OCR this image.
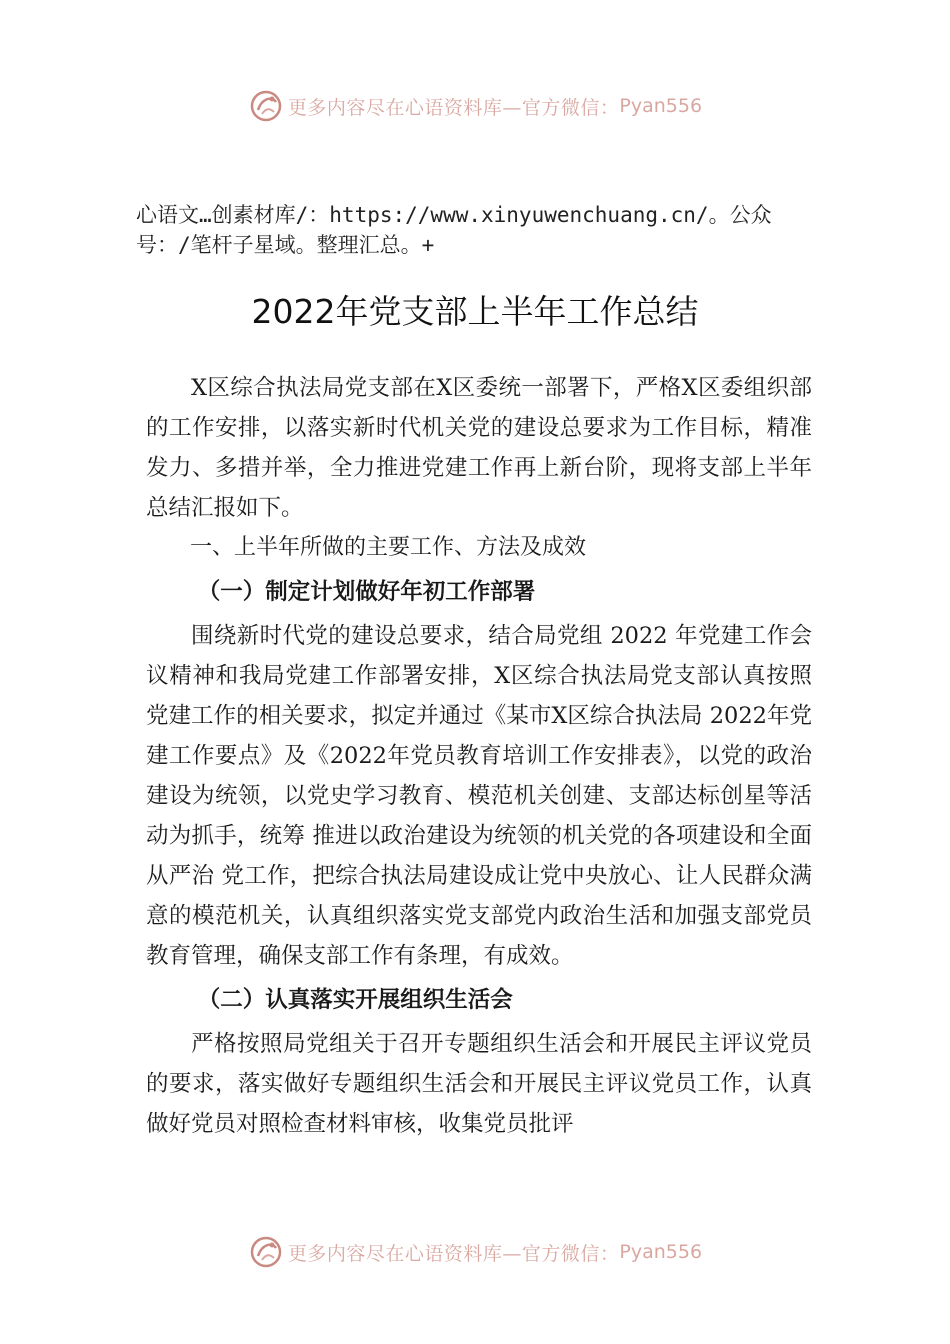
更多内容尽在心语资料库—官方微信： Pyan556
心语文…创素材库/：https://www.xinyuwenchuang.cn/。公众号：/笔杆子星域。整理汇总。+
2022年党支部上半年工作总结

X区综合执法局党支部在X区委统一部署下，严格X区委组织部的工作安排，以落实新时代机关党的建设总要求为工作目标，精准发力、多措并举，全力推进党建工作再上新台阶，现将支部上半年总结汇报如下。

一、上半年所做的主要工作、方法及成效

（一）制定计划做好年初工作部署

围绕新时代党的建设总要求，结合局党组 2022 年党建工作会议精神和我局党建工作部署安排，X区综合执法局党支部认真按照党建工作的相关要求，拟定并通过《某市X区综合执法局 2022年党建工作要点》及《2022年党员教育培训工作安排表》，以党的政治建设为统领，以党史学习教育、模范机关创建、支部达标创星等活动为抓手，统筹 推进以政治建设为统领的机关党的各项建设和全面从严治 党工作，把综合执法局建设成让党中央放心、让人民群众满意的模范机关，认真组织落实党支部党内政治生活和加强支部党员教育管理，确保支部工作有条理，有成效。

（二）认真落实开展组织生活会

严格按照局党组关于召开专题组织生活会和开展民主评议党员的要求，落实做好专题组织生活会和开展民主评议党员工作，认真做好党员对照检查材料审核，收集党员批评

更多内容尽在心语资料库—官方微信： Pyan556
